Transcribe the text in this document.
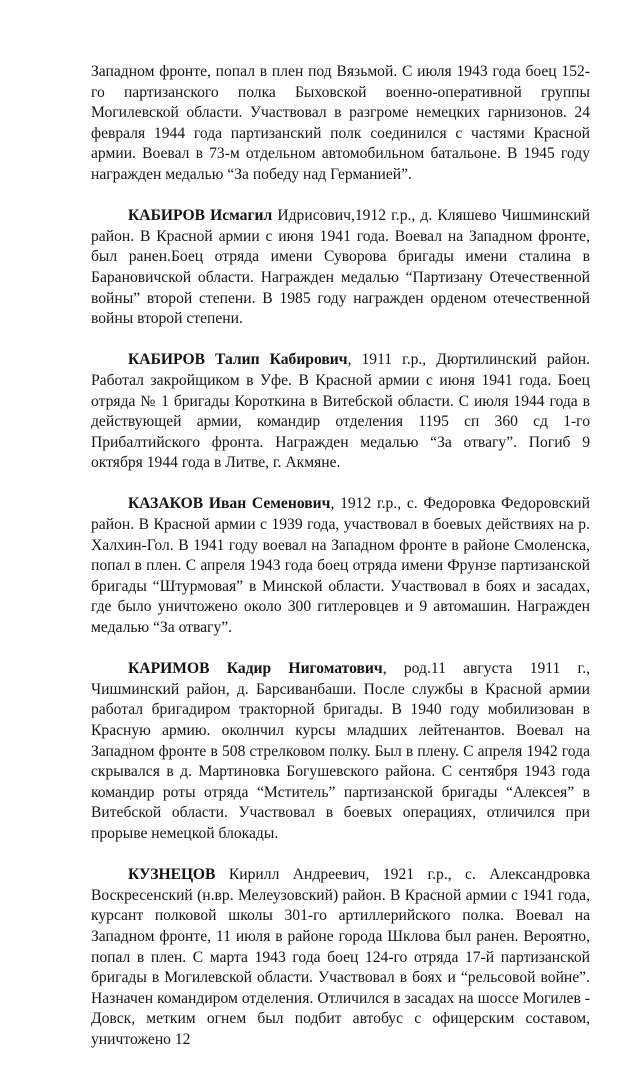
Западном фронте, попал в плен под Вязьмой. С июля 1943 года боец 152-го партизанского полка Быховской военно-оперативной группы Могилевской области. Участвовал в разгроме немецких гарнизонов. 24 февраля 1944 года партизанский полк соединился с частями Красной армии. Воевал в 73-м отдельном автомобильном батальоне. В 1945 году награжден медалью “За победу над Германией”.

КАБИРОВ Исмагил Идрисович,1912 г.р., д. Кляшево Чишминский район. В Красной армии с июня 1941 года. Воевал на Западном фронте, был ранен.Боец отряда имени Суворова бригады имени сталина в Барановичской области. Награжден медалью “Партизану Отечественной войны” второй степени. В 1985 году награжден орденом отечественной войны второй степени.

КАБИРОВ Талип Кабирович, 1911 г.р., Дюртилинский район. Работал закройщиком в Уфе. В Красной армии с июня 1941 года. Боец отряда № 1 бригады Короткина в Витебской области. С июля 1944 года в действующей армии, командир отделения 1195 сп 360 сд 1-го Прибалтийского фронта. Награжден медалью “За отвагу”. Погиб 9 октября 1944 года в Литве, г. Акмяне.

КАЗАКОВ Иван Семенович, 1912 г.р., с. Федоровка Федоровский район. В Красной армии с 1939 года, участвовал в боевых действиях на р. Халхин-Гол. В 1941 году воевал на Западном фронте в районе Смоленска, попал в плен. С апреля 1943 года боец отряда имени Фрунзе партизанской бригады “Штурмовая” в Минской области. Участвовал в боях и засадах, где было уничтожено около 300 гитлеровцев и 9 автомашин. Награжден медалью “За отвагу”.

КАРИМОВ Кадир Нигоматович, род.11 августа 1911 г., Чишминский район, д. Барсиванбаши. После службы в Красной армии работал бригадиром тракторной бригады. В 1940 году мобилизован в Красную армию. околнчил курсы младших лейтенантов. Воевал на Западном фронте в 508 стрелковом полку. Был в плену. С апреля 1942 года скрывался в д. Мартиновка Богушевского района. С сентября 1943 года командир роты отряда “Мститель” партизанской бригады “Алексея” в Витебской области. Участвовал в боевых операциях, отличился при прорыве немецкой блокады.

КУЗНЕЦОВ Кирилл Андреевич, 1921 г.р., с. Александровка Воскресенский (н.вр. Мелеузовский) район. В Красной армии с 1941 года, курсант полковой школы 301-го артиллерийского полка. Воевал на Западном фронте, 11 июля в районе города Шклова был ранен. Вероятно, попал в плен. С марта 1943 года боец 124-го отряда 17-й партизанской бригады в Могилевской области. Участвовал в боях и “рельсовой войне”. Назначен командиром отделения. Отличился в засадах на шоссе Могилев - Довск, метким огнем был подбит автобус с офицерским составом, уничтожено 12
